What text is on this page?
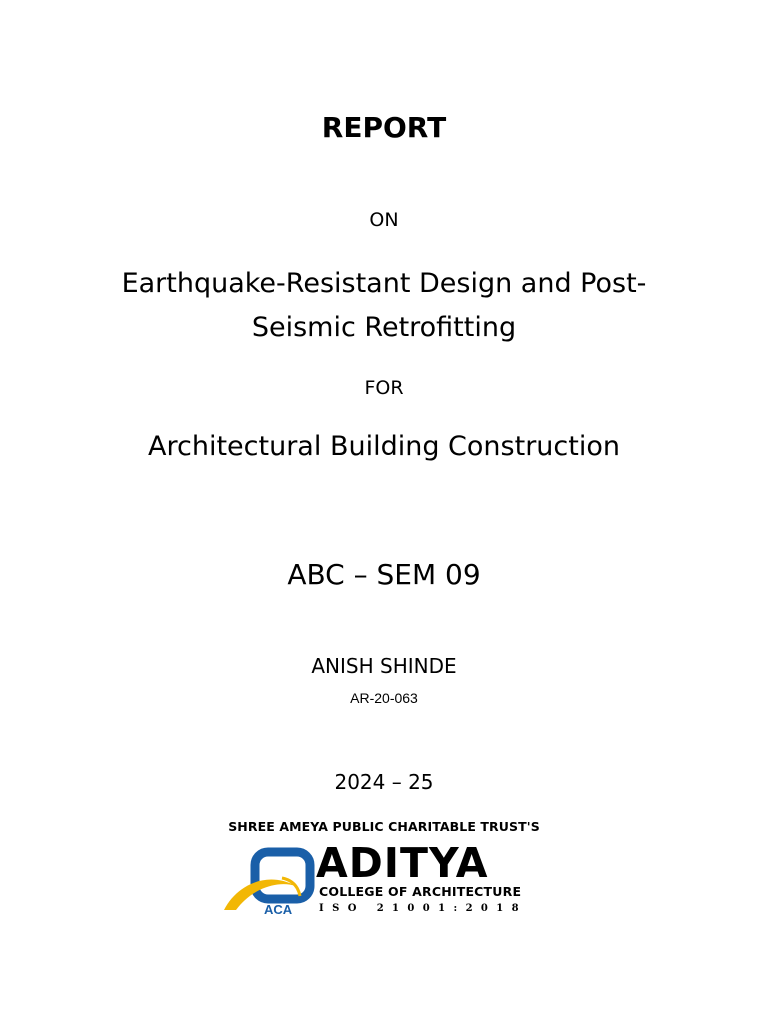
REPORT
ON
Earthquake-Resistant Design and Post-
Seismic Retrofitting
FOR
Architectural Building Construction
ABC – SEM 09
ANISH SHINDE
AR-20-063
2024 – 25
SHREE AMEYA PUBLIC CHARITABLE TRUST'S
ACA
ADITYA
COLLEGE OF ARCHITECTURE
ISO 21001:2018
